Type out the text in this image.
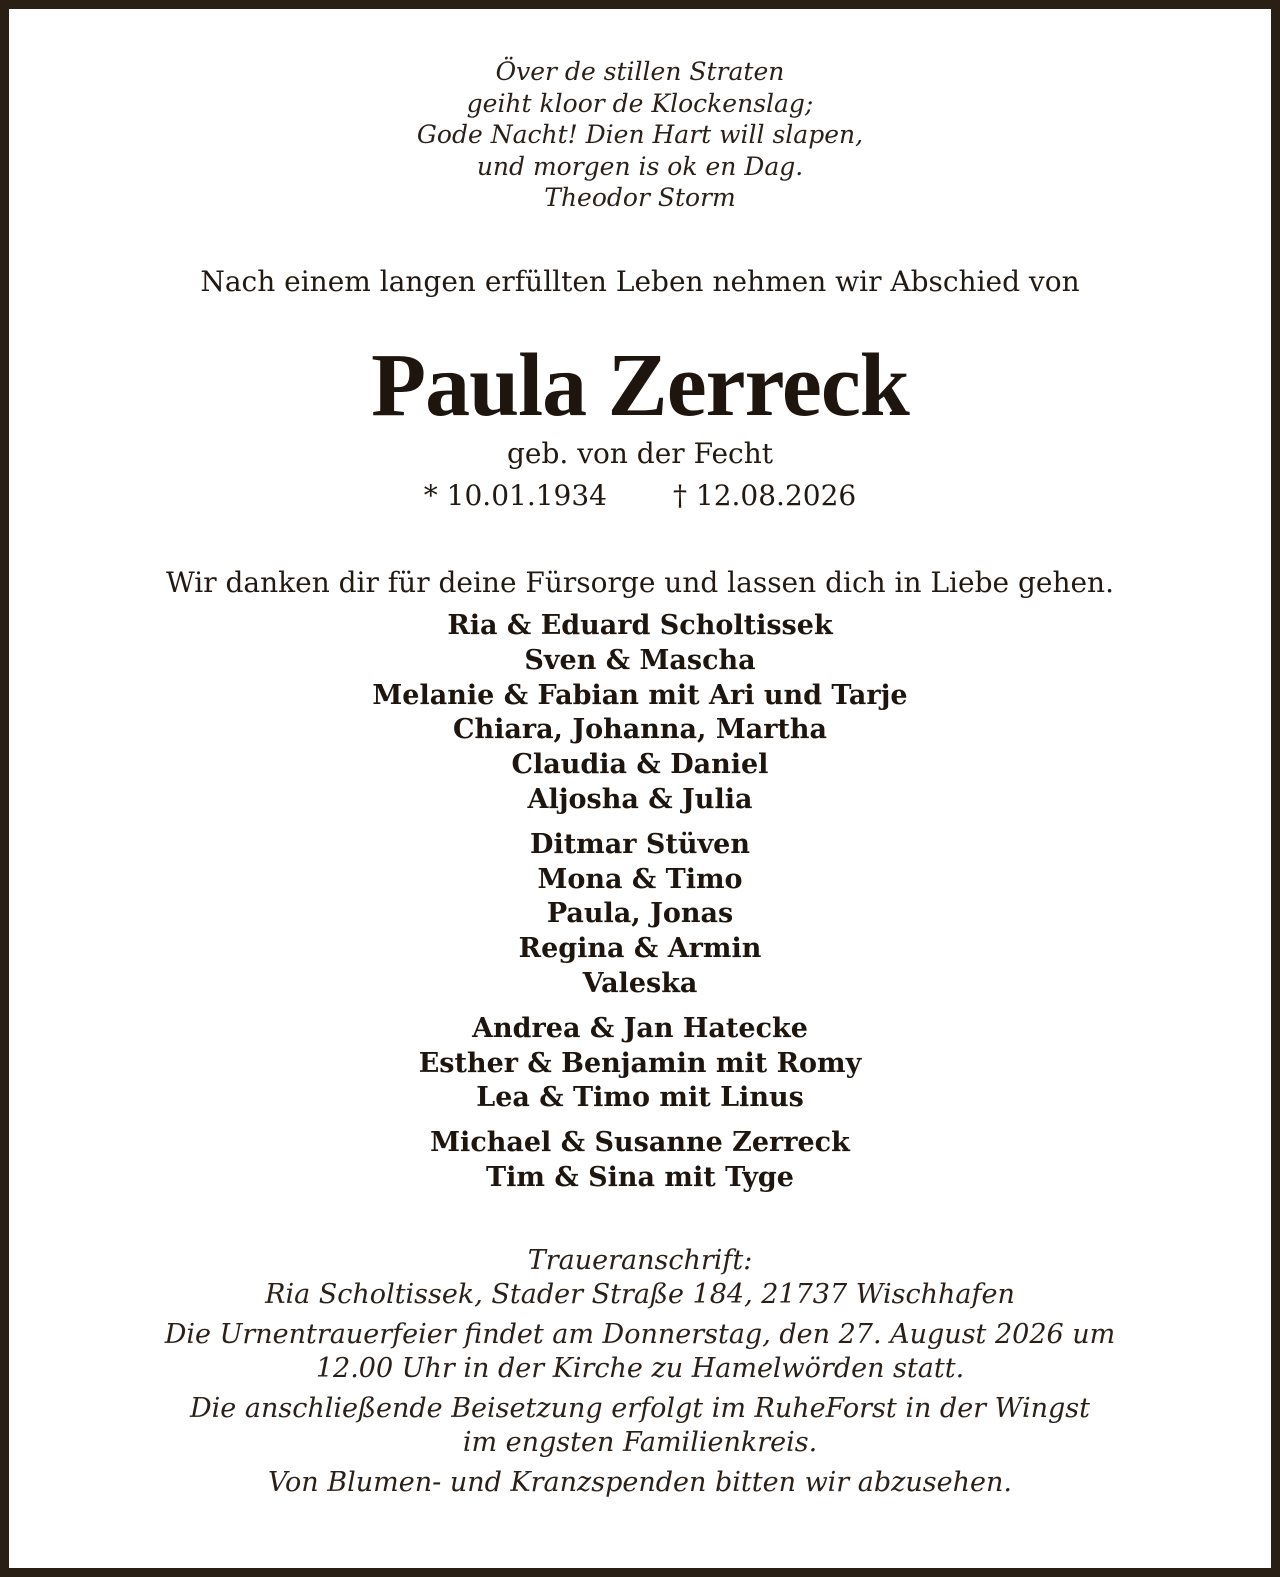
Över de stillen Straten
geiht kloor de Klockenslag;
Gode Nacht! Dien Hart will slapen,
und morgen is ok en Dag.
Theodor Storm
Nach einem langen erfüllten Leben nehmen wir Abschied von
Paula Zerreck
geb. von der Fecht
* 10.01.1934 † 12.08.2026
Wir danken dir für deine Fürsorge und lassen dich in Liebe gehen.
Ria & Eduard Scholtissek
Sven & Mascha
Melanie & Fabian mit Ari und Tarje
Chiara, Johanna, Martha
Claudia & Daniel
Aljosha & Julia
Ditmar Stüven
Mona & Timo
Paula, Jonas
Regina & Armin
Valeska
Andrea & Jan Hatecke
Esther & Benjamin mit Romy
Lea & Timo mit Linus
Michael & Susanne Zerreck
Tim & Sina mit Tyge
Traueranschrift:
Ria Scholtissek, Stader Straße 184, 21737 Wischhafen
Die Urnentrauerfeier findet am Donnerstag, den 27. August 2026 um
12.00 Uhr in der Kirche zu Hamelwörden statt.
Die anschließende Beisetzung erfolgt im RuheForst in der Wingst
im engsten Familienkreis.
Von Blumen- und Kranzspenden bitten wir abzusehen.
